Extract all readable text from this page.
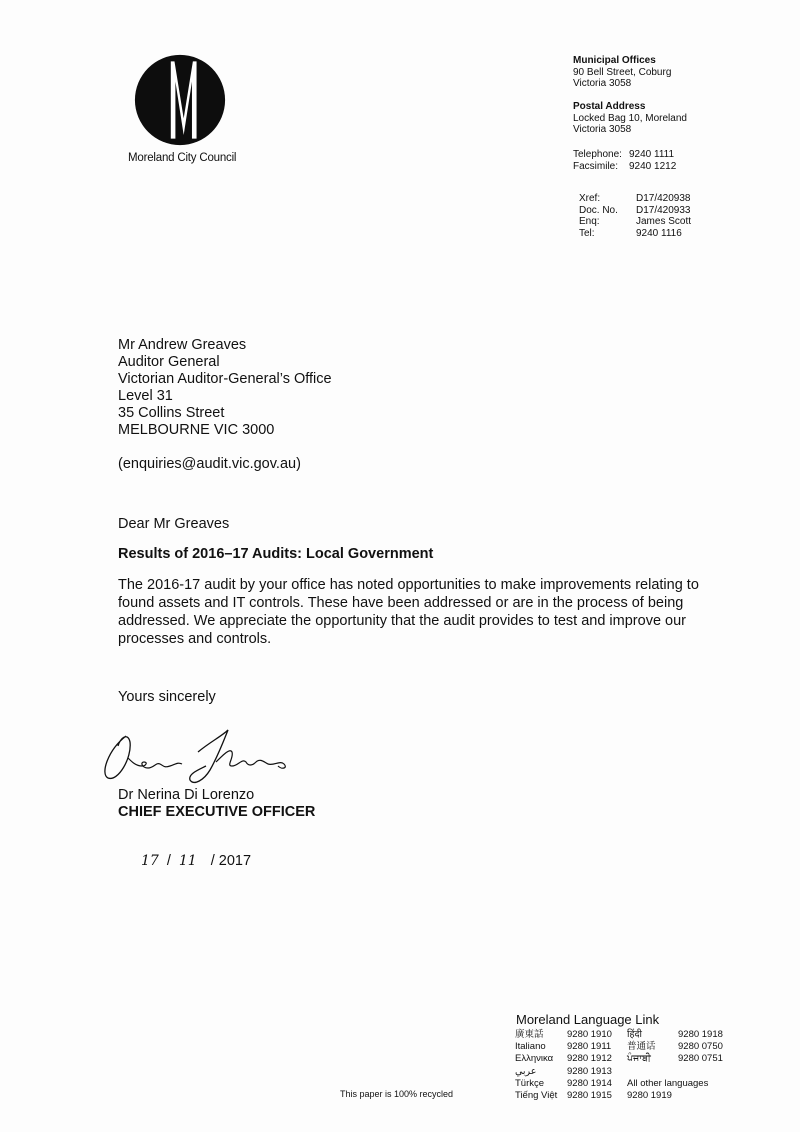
Moreland City Council
Municipal Offices
90 Bell Street, Coburg
Victoria 3058
Postal Address
Locked Bag 10, Moreland
Victoria 3058
Telephone: 9240 1111
Facsimile: 9240 1212
Xref:	D17/420938
Doc. No. D17/420933
Enq:	James Scott
Tel:	9240 1116
Mr Andrew Greaves
Auditor General
Victorian Auditor-General’s Office
Level 31
35 Collins Street
MELBOURNE VIC 3000
(enquiries@audit.vic.gov.au)
Dear Mr Greaves
Results of 2016–17 Audits: Local Government
The 2016-17 audit by your office has noted opportunities to make improvements relating to
found assets and IT controls. These have been addressed or are in the process of being
addressed. We appreciate the opportunity that the audit provides to test and improve our
processes and controls.
Yours sincerely
Dr Nerina Di Lorenzo
CHIEF EXECUTIVE OFFICER
17 / 11 / 2017
Moreland Language Link
廣東話	9280 1910	हिंदी	9280 1918
Italiano	9280 1911	普通话	9280 0750
Ελληνικα	9280 1912	ਪੰਜਾਬੀ	9280 0751
عربي	9280 1913
Türkçe	9280 1914	All other languages
Tiếng Việt	9280 1915	9280 1919
This paper is 100% recycled
